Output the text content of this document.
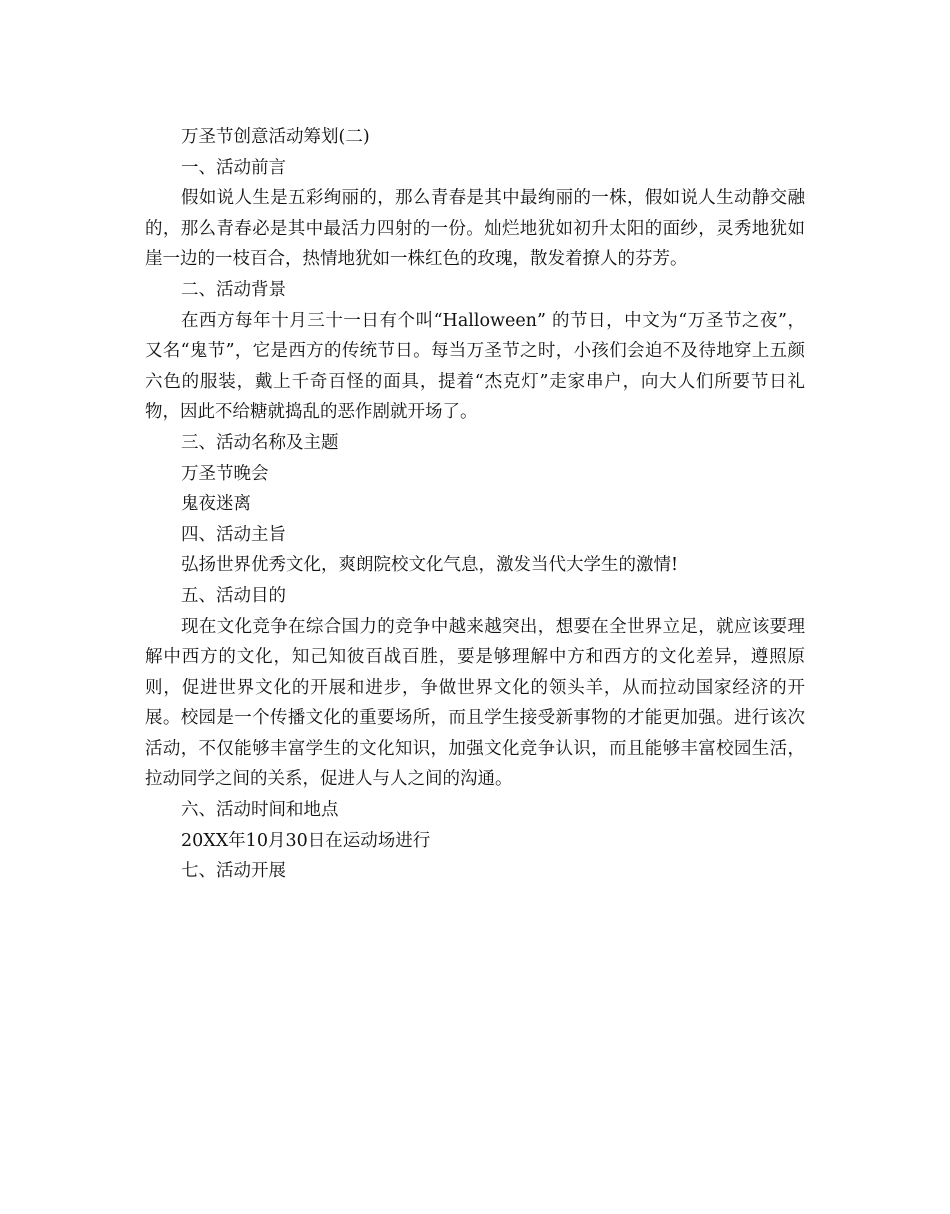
万圣节创意活动筹划(二)

一、活动前言

假如说人生是五彩绚丽的，那么青春是其中最绚丽的一株，假如说人生动静交融的，那么青春必是其中最活力四射的一份。灿烂地犹如初升太阳的面纱，灵秀地犹如崖一边的一枝百合，热情地犹如一株红色的玫瑰，散发着撩人的芬芳。

二、活动背景

在西方每年十月三十一日有个叫“Halloween” 的节日，中文为“万圣节之夜”，又名“鬼节”，它是西方的传统节日。每当万圣节之时，小孩们会迫不及待地穿上五颜六色的服装，戴上千奇百怪的面具，提着“杰克灯”走家串户，向大人们所要节日礼物，因此不给糖就捣乱的恶作剧就开场了。

三、活动名称及主题

万圣节晚会

鬼夜迷离

四、活动主旨

弘扬世界优秀文化，爽朗院校文化气息，激发当代大学生的激情!

五、活动目的

现在文化竞争在综合国力的竞争中越来越突出，想要在全世界立足，就应该要理解中西方的文化，知己知彼百战百胜，要是够理解中方和西方的文化差异，遵照原则，促进世界文化的开展和进步，争做世界文化的领头羊，从而拉动国家经济的开展。校园是一个传播文化的重要场所，而且学生接受新事物的才能更加强。进行该次活动，不仅能够丰富学生的文化知识，加强文化竞争认识，而且能够丰富校园生活，拉动同学之间的关系，促进人与人之间的沟通。

六、活动时间和地点

20XX年10月30日在运动场进行

七、活动开展
